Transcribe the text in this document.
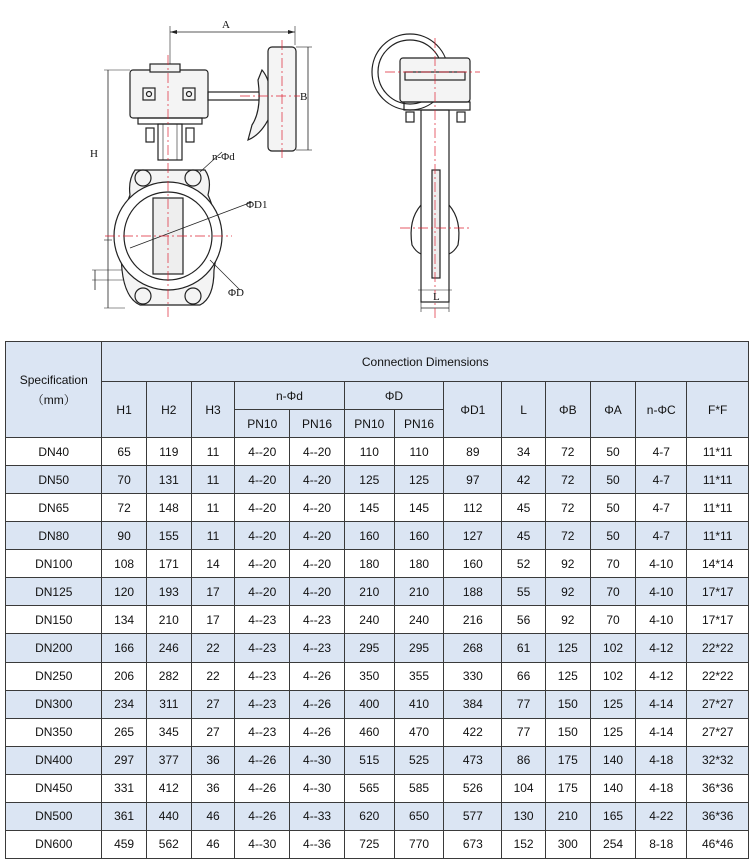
A
B
H	n-Φd
ΦD1
ΦD	L
Specification
（mm）	Connection Dimensions												
	H1	H2	H3	n-Φd		ΦD		ΦD1	L	ΦB	ΦA	n-ΦC	F*F
				PN10	PN16	PN10	PN16						
DN40	65	119	11	4--20	4--20	110	110	89	34	72	50	4-7	11*11
DN50	70	131	11	4--20	4--20	125	125	97	42	72	50	4-7	11*11
DN65	72	148	11	4--20	4--20	145	145	112	45	72	50	4-7	11*11
DN80	90	155	11	4--20	4--20	160	160	127	45	72	50	4-7	11*11
DN100	108	171	14	4--20	4--20	180	180	160	52	92	70	4-10	14*14
DN125	120	193	17	4--20	4--20	210	210	188	55	92	70	4-10	17*17
DN150	134	210	17	4--23	4--23	240	240	216	56	92	70	4-10	17*17
DN200	166	246	22	4--23	4--23	295	295	268	61	125	102	4-12	22*22
DN250	206	282	22	4--23	4--26	350	355	330	66	125	102	4-12	22*22
DN300	234	311	27	4--23	4--26	400	410	384	77	150	125	4-14	27*27
DN350	265	345	27	4--23	4--26	460	470	422	77	150	125	4-14	27*27
DN400	297	377	36	4--26	4--30	515	525	473	86	175	140	4-18	32*32
DN450	331	412	36	4--26	4--30	565	585	526	104	175	140	4-18	36*36
DN500	361	440	46	4--26	4--33	620	650	577	130	210	165	4-22	36*36
DN600	459	562	46	4--30	4--36	725	770	673	152	300	254	8-18	46*46
